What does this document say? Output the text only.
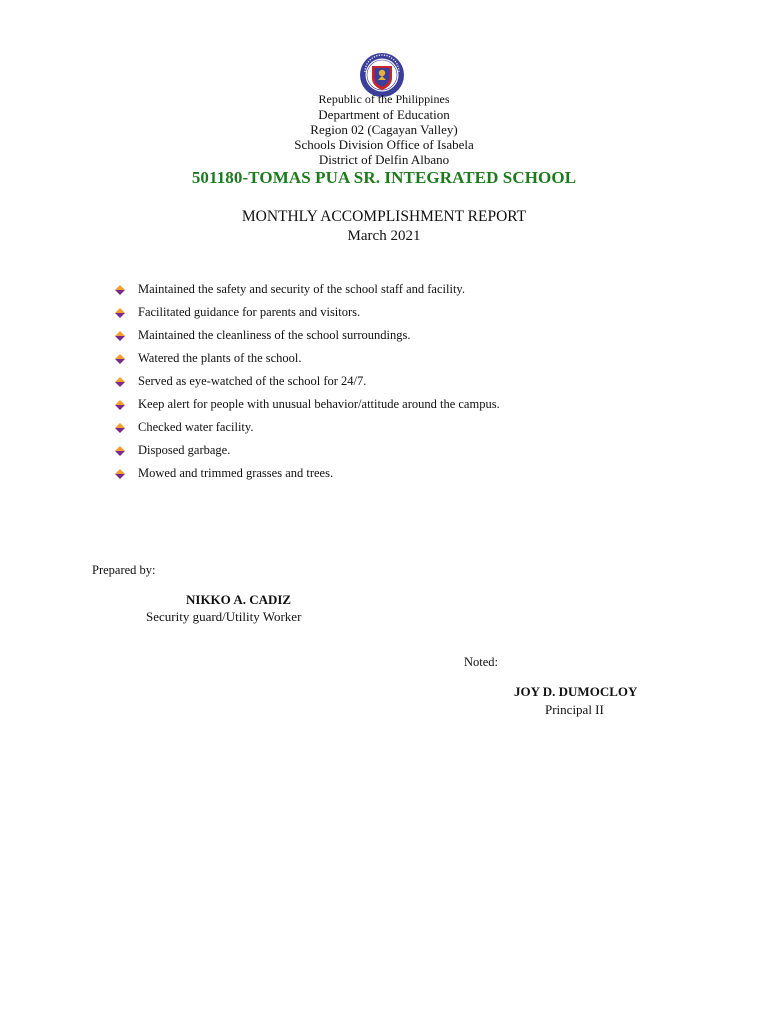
Republic of the Philippines
Department of Education
Region 02 (Cagayan Valley)
Schools Division Office of Isabela
District of Delfin Albano
501180-TOMAS PUA SR. INTEGRATED SCHOOL
MONTHLY ACCOMPLISHMENT REPORT
March 2021
Maintained the safety and security of the school staff and facility.
Facilitated guidance for parents and visitors.
Maintained the cleanliness of the school surroundings.
Watered the plants of the school.
Served as eye-watched of the school for 24/7.
Keep alert for people with unusual behavior/attitude around the campus.
Checked water facility.
Disposed garbage.
Mowed and trimmed grasses and trees.
Prepared by:
NIKKO A. CADIZ
Security guard/Utility Worker
Noted:
JOY D. DUMOCLOY
Principal II
